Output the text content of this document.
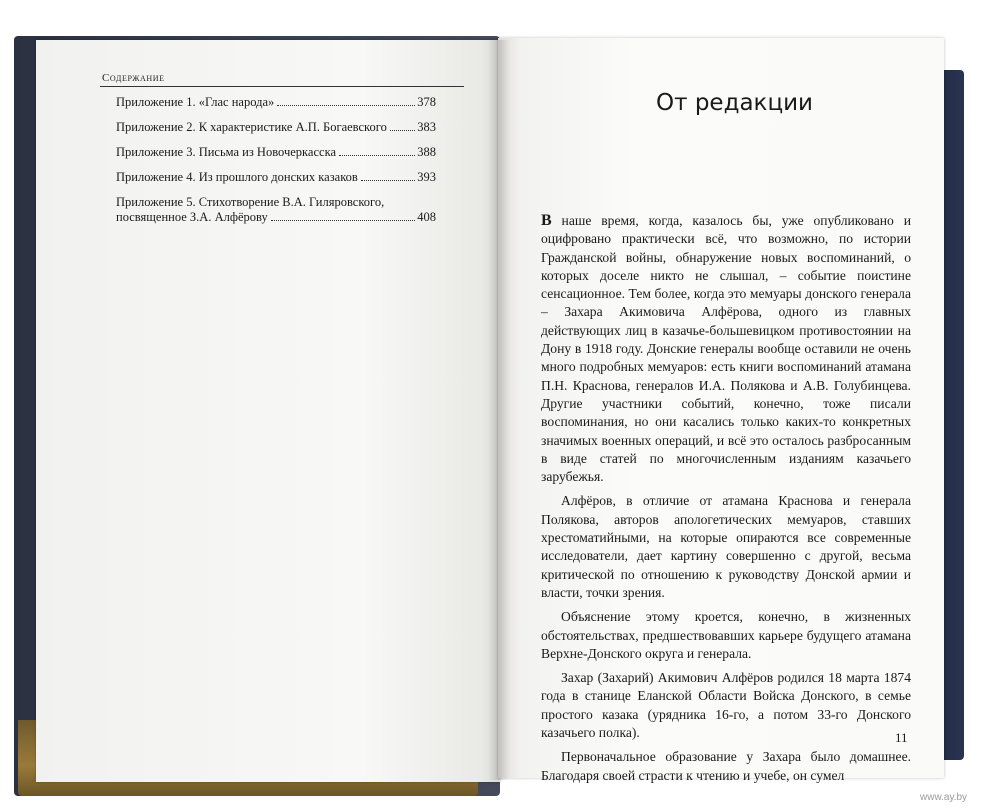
Содержание
Приложение 1. «Глас народа»	378
Приложение 2. К характеристике А.П. Богаевского 383
Приложение 3. Письма из Новочеркасска	388
Приложение 4. Из прошлого донских казаков	393
Приложение 5. Стихотворение В.А. Гиляровского,
посвященное З.А. Алфёрову	408
От редакции

В наше время, когда, казалось бы, уже опубликовано и оцифровано практически всё, что возможно, по истории Гражданской войны, обнаружение новых воспоминаний, о которых доселе никто не слышал, – событие поистине сенсационное. Тем более, когда это мемуары донского генерала – Захара Акимовича Алфёрова, одного из главных действующих лиц в казачье-большевицком противостоянии на Дону в 1918 году. Донские генералы вообще оставили не очень много подробных мемуаров: есть книги воспоминаний атамана П.Н. Краснова, генералов И.А. Полякова и А.В. Голубинцева. Другие участники событий, конечно, тоже писали воспоминания, но они касались только каких-то конкретных значимых военных операций, и всё это осталось разбросанным в виде статей по многочисленным изданиям казачьего зарубежья.

Алфёров, в отличие от атамана Краснова и генерала Полякова, авторов апологетических мемуаров, ставших хрестоматийными, на которые опираются все современные исследователи, дает картину совершенно с другой, весьма критической по отношению к руководству Донской армии и власти, точки зрения.

Объяснение этому кроется, конечно, в жизненных обстоятельствах, предшествовавших карьере будущего атамана Верхне-Донского округа и генерала.

Захар (Захарий) Акимович Алфёров родился 18 марта 1874 года в станице Еланской Области Войска Донского, в семье простого казака (урядника 16-го, а потом 33-го Донского казачьего полка).

Первоначальное образование у Захара было домашнее. Благодаря своей страсти к чтению и учебе, он сумел

11
www.ay.by
